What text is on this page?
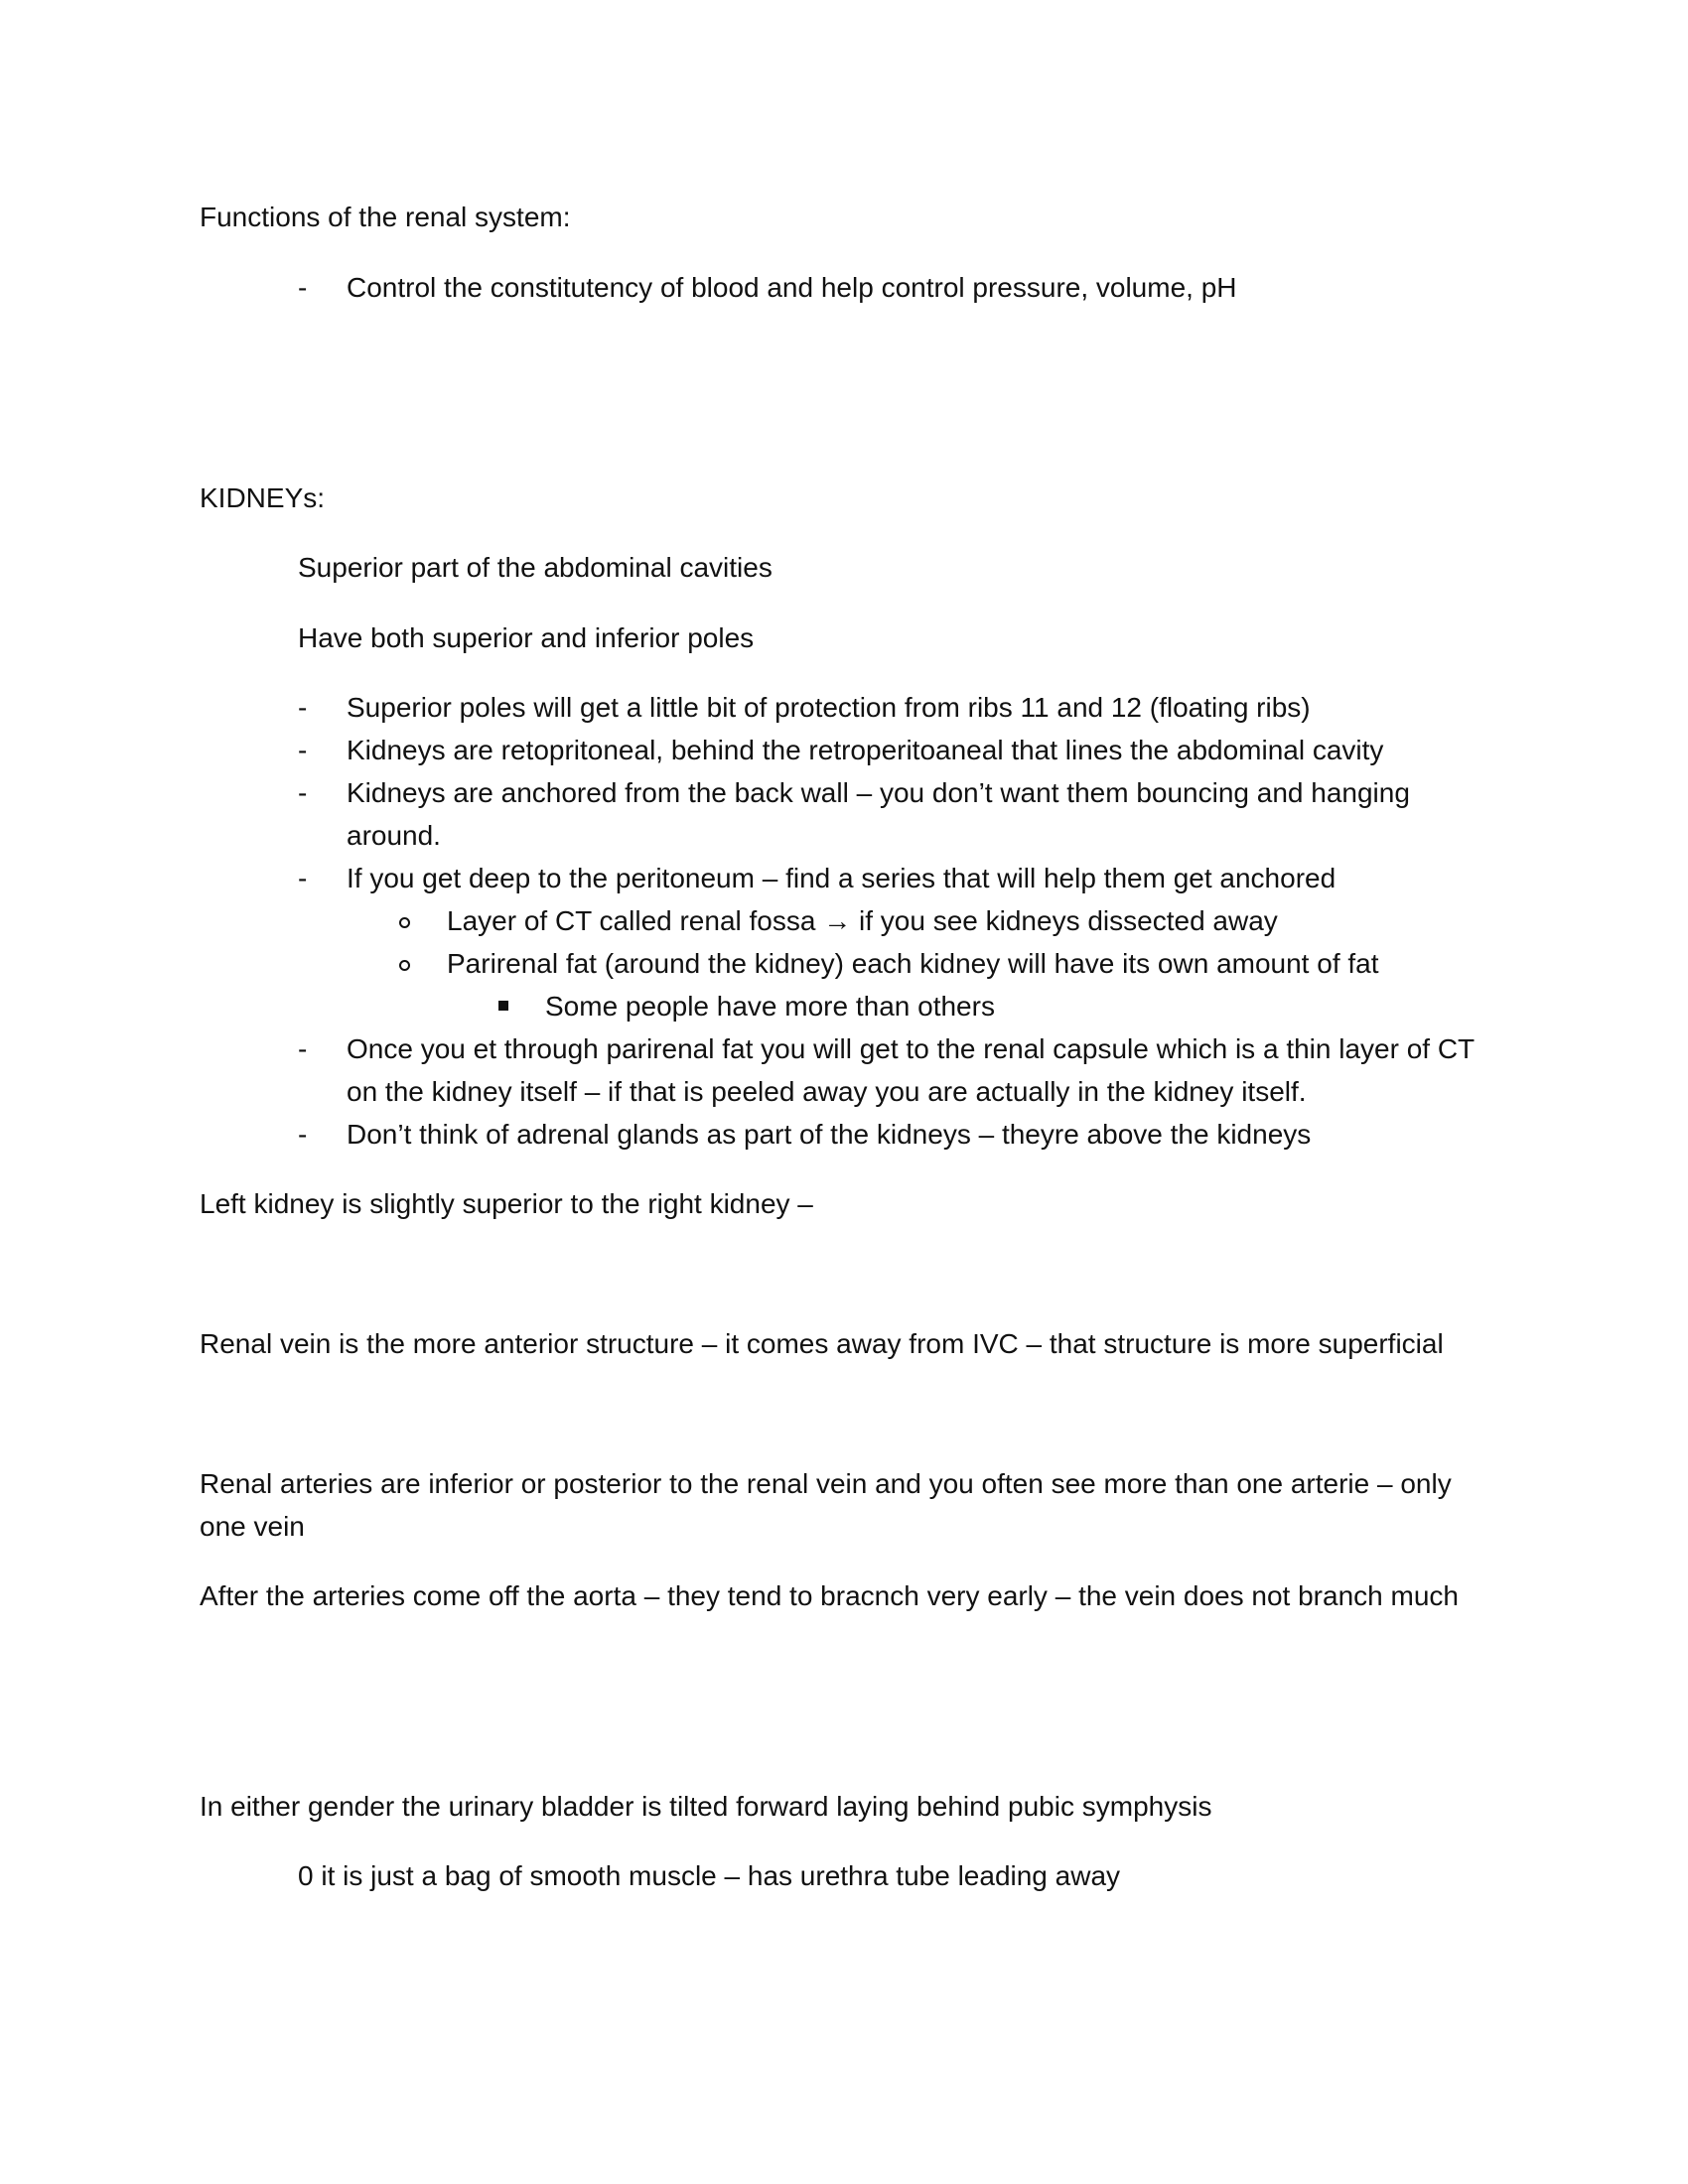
Functions of the renal system:

- Control the constitutency of blood and help control pressure, volume, pH

KIDNEYs:

Superior part of the abdominal cavities

Have both superior and inferior poles

- Superior poles will get a little bit of protection from ribs 11 and 12 (floating ribs)

- Kidneys are retopritoneal, behind the retroperitoaneal that lines the abdominal cavity

- Kidneys are anchored from the back wall – you don’t want them bouncing and hanging

around.

- If you get deep to the peritoneum – find a series that will help them get anchored

Layer of CT called renal fossa → if you see kidneys dissected away

Parirenal fat (around the kidney) each kidney will have its own amount of fat

Some people have more than others

- Once you et through parirenal fat you will get to the renal capsule which is a thin layer of CT

on the kidney itself – if that is peeled away you are actually in the kidney itself.

- Don’t think of adrenal glands as part of the kidneys – theyre above the kidneys

Left kidney is slightly superior to the right kidney –

Renal vein is the more anterior structure – it comes away from IVC – that structure is more superficial

Renal arteries are inferior or posterior to the renal vein and you often see more than one arterie – only

one vein

After the arteries come off the aorta – they tend to bracnch very early – the vein does not branch much

In either gender the urinary bladder is tilted forward laying behind pubic symphysis

0 it is just a bag of smooth muscle – has urethra tube leading away
